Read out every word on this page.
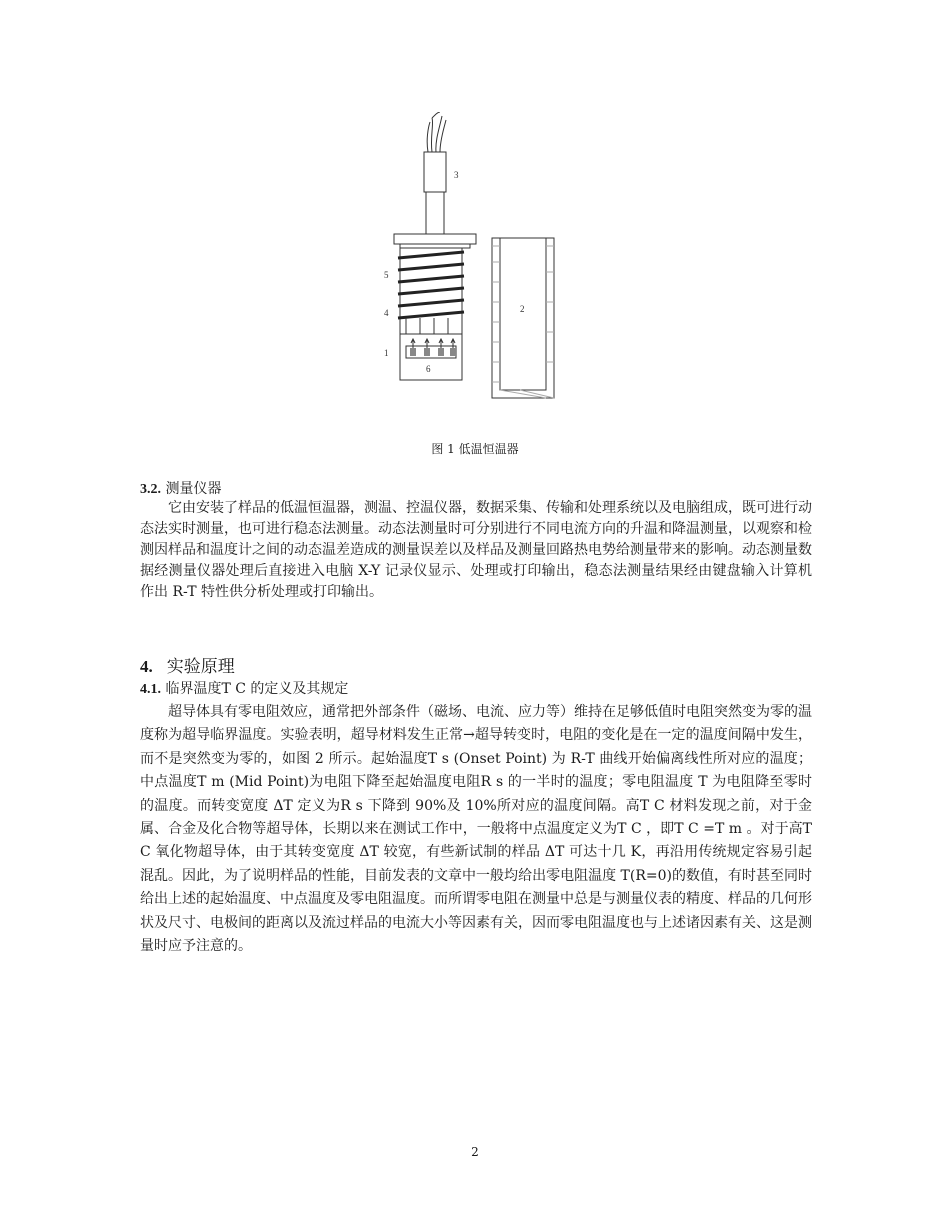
3
5
4
1
6
2
图 1 低温恒温器
3.2. 测量仪器

它由安装了样品的低温恒温器，测温、控温仪器，数据采集、传输和处理系统以及电脑组成，既可进行动态法实时测量，也可进行稳态法测量。动态法测量时可分别进行不同电流方向的升温和降温测量，以观察和检测因样品和温度计之间的动态温差造成的测量误差以及样品及测量回路热电势给测量带来的影响。动态测量数据经测量仪器处理后直接进入电脑 X-Y 记录仪显示、处理或打印输出，稳态法测量结果经由键盘输入计算机作出 R-T 特性供分析处理或打印输出。

4. 实验原理
4.1. 临界温度T C 的定义及其规定

超导体具有零电阻效应，通常把外部条件（磁场、电流、应力等）维持在足够低值时电阻突然变为零的温度称为超导临界温度。实验表明，超导材料发生正常→超导转变时，电阻的变化是在一定的温度间隔中发生，而不是突然变为零的，如图 2 所示。起始温度T s (Onset Point) 为 R-T 曲线开始偏离线性所对应的温度；中点温度T m (Mid Point)为电阻下降至起始温度电阻R s 的一半时的温度；零电阻温度 T 为电阻降至零时的温度。而转变宽度 ΔT 定义为R s 下降到 90%及 10%所对应的温度间隔。高T C 材料发现之前，对于金属、合金及化合物等超导体，长期以来在测试工作中，一般将中点温度定义为T C ，即T C =T m 。对于高T C 氧化物超导体，由于其转变宽度 ΔT 较宽，有些新试制的样品 ΔT 可达十几 K，再沿用传统规定容易引起混乱。因此，为了说明样品的性能，目前发表的文章中一般均给出零电阻温度 T(R=0)的数值，有时甚至同时给出上述的起始温度、中点温度及零电阻温度。而所谓零电阻在测量中总是与测量仪表的精度、样品的几何形状及尺寸、电极间的距离以及流过样品的电流大小等因素有关，因而零电阻温度也与上述诸因素有关、这是测量时应予注意的。

2
